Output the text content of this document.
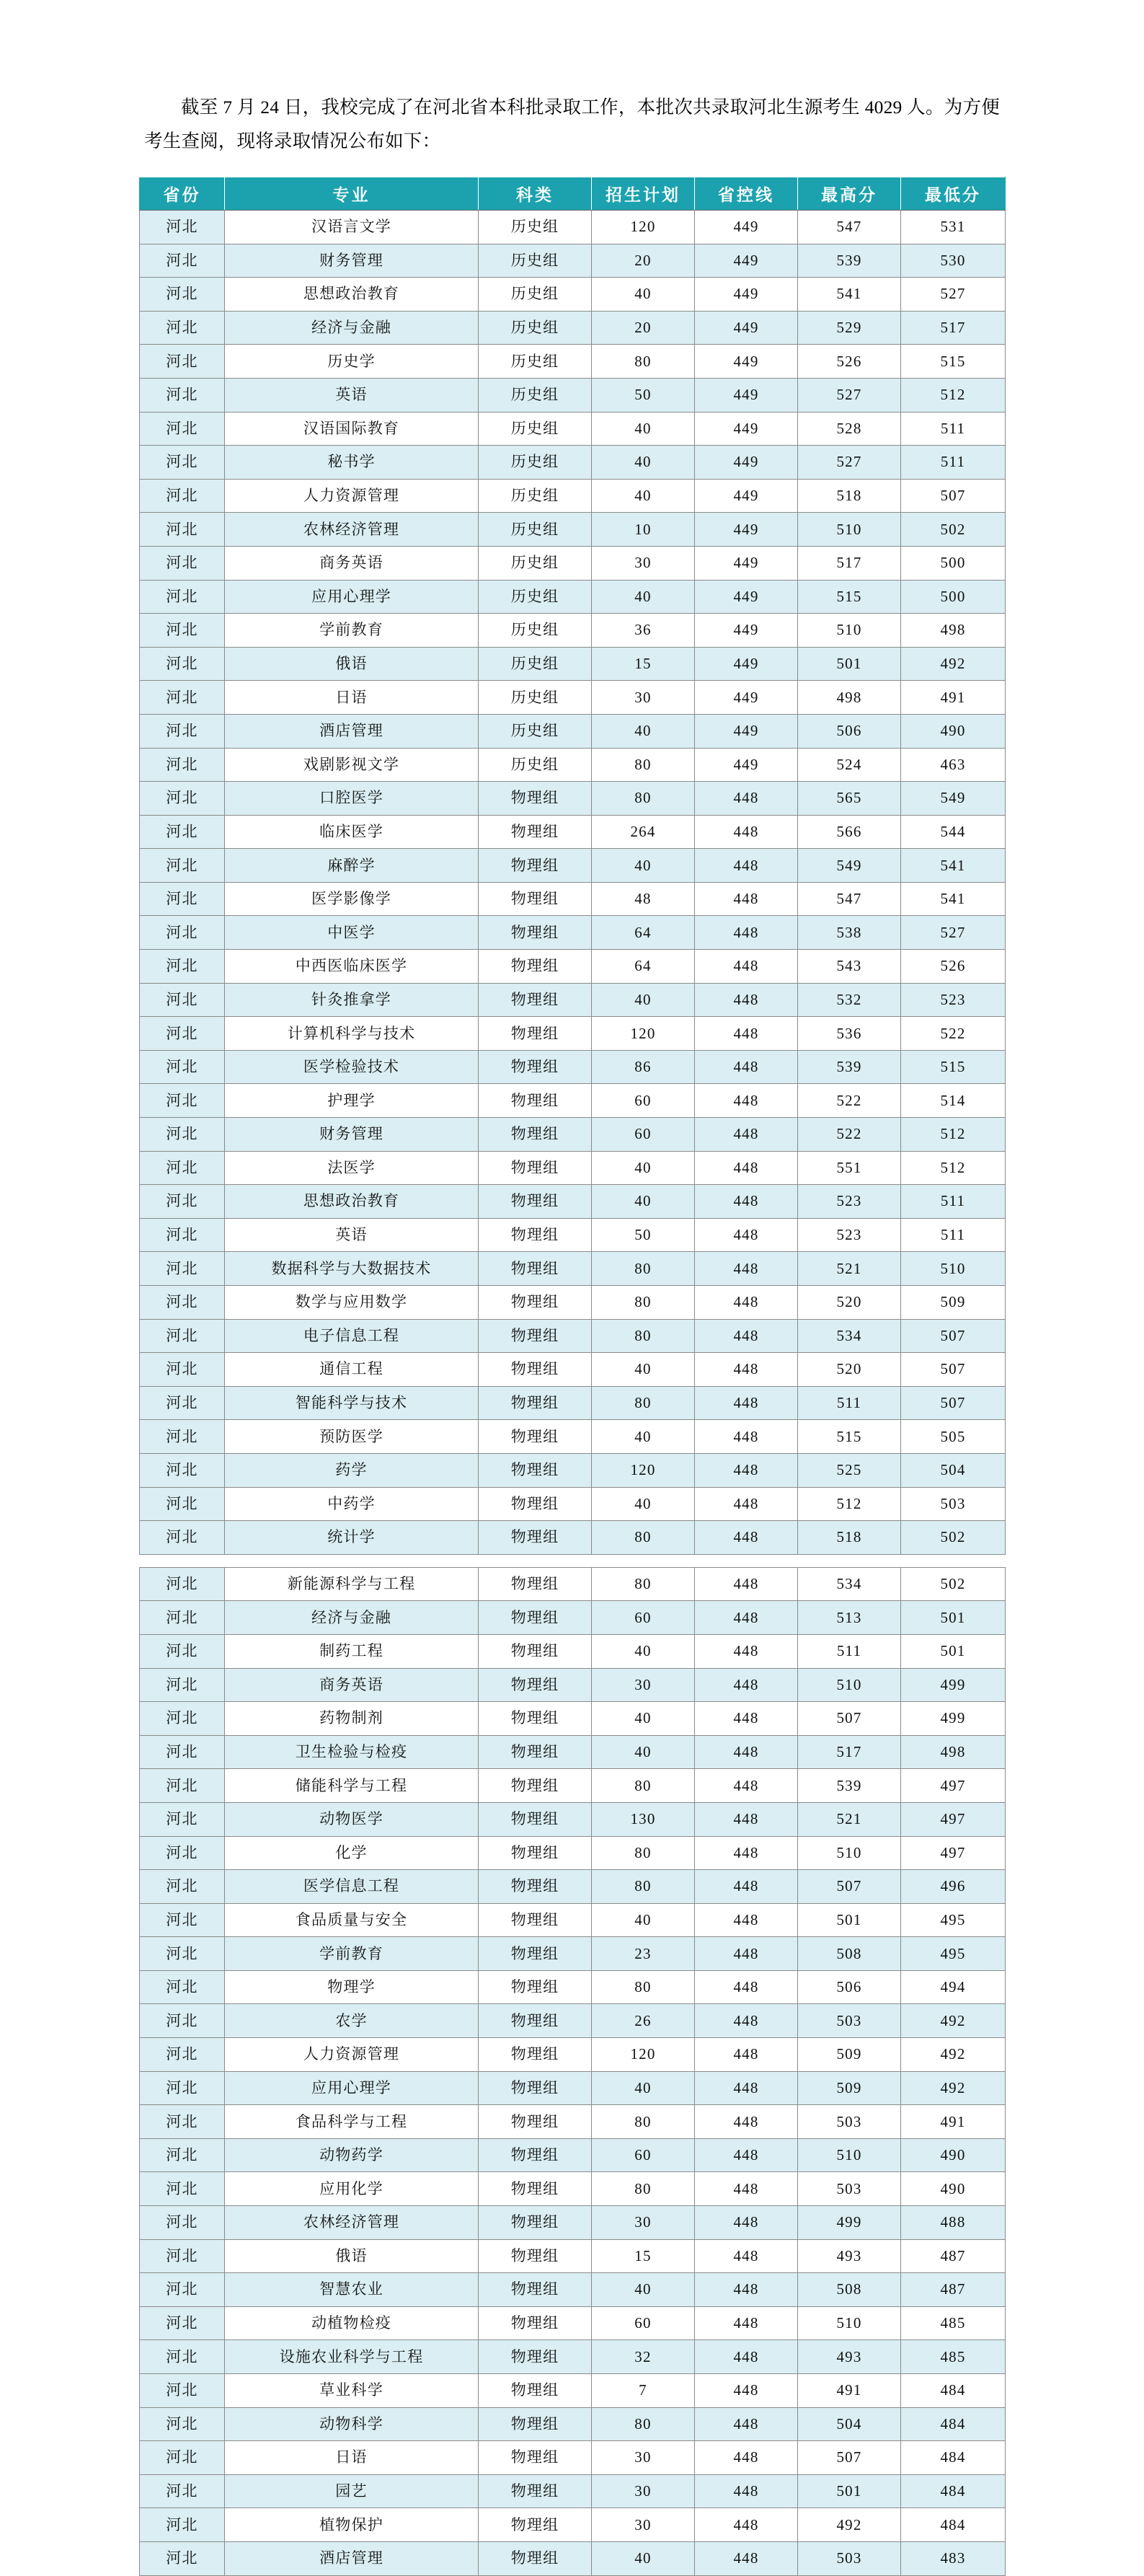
截至 7 月 24 日，我校完成了在河北省本科批录取工作，本批次共录取河北生源考生 4029 人。为方便考生查阅，现将录取情况公布如下：

省份	专业	科类	招生计划	省控线	最高分	最低分
河北	汉语言文学	历史组	120	449	547	531
河北	财务管理	历史组	20	449	539	530
河北	思想政治教育	历史组	40	449	541	527
河北	经济与金融	历史组	20	449	529	517
河北	历史学	历史组	80	449	526	515
河北	英语	历史组	50	449	527	512
河北	汉语国际教育	历史组	40	449	528	511
河北	秘书学	历史组	40	449	527	511
河北	人力资源管理	历史组	40	449	518	507
河北	农林经济管理	历史组	10	449	510	502
河北	商务英语	历史组	30	449	517	500
河北	应用心理学	历史组	40	449	515	500
河北	学前教育	历史组	36	449	510	498
河北	俄语	历史组	15	449	501	492
河北	日语	历史组	30	449	498	491
河北	酒店管理	历史组	40	449	506	490
河北	戏剧影视文学	历史组	80	449	524	463
河北	口腔医学	物理组	80	448	565	549
河北	临床医学	物理组	264	448	566	544
河北	麻醉学	物理组	40	448	549	541
河北	医学影像学	物理组	48	448	547	541
河北	中医学	物理组	64	448	538	527
河北	中西医临床医学	物理组	64	448	543	526
河北	针灸推拿学	物理组	40	448	532	523
河北	计算机科学与技术	物理组	120	448	536	522
河北	医学检验技术	物理组	86	448	539	515
河北	护理学	物理组	60	448	522	514
河北	财务管理	物理组	60	448	522	512
河北	法医学	物理组	40	448	551	512
河北	思想政治教育	物理组	40	448	523	511
河北	英语	物理组	50	448	523	511
河北	数据科学与大数据技术	物理组	80	448	521	510
河北	数学与应用数学	物理组	80	448	520	509
河北	电子信息工程	物理组	80	448	534	507
河北	通信工程	物理组	40	448	520	507
河北	智能科学与技术	物理组	80	448	511	507
河北	预防医学	物理组	40	448	515	505
河北	药学	物理组	120	448	525	504
河北	中药学	物理组	40	448	512	503
河北	统计学	物理组	80	448	518	502

河北	新能源科学与工程	物理组	80	448	534	502
河北	经济与金融	物理组	60	448	513	501
河北	制药工程	物理组	40	448	511	501
河北	商务英语	物理组	30	448	510	499
河北	药物制剂	物理组	40	448	507	499
河北	卫生检验与检疫	物理组	40	448	517	498
河北	储能科学与工程	物理组	80	448	539	497
河北	动物医学	物理组	130	448	521	497
河北	化学	物理组	80	448	510	497
河北	医学信息工程	物理组	80	448	507	496
河北	食品质量与安全	物理组	40	448	501	495
河北	学前教育	物理组	23	448	508	495
河北	物理学	物理组	80	448	506	494
河北	农学	物理组	26	448	503	492
河北	人力资源管理	物理组	120	448	509	492
河北	应用心理学	物理组	40	448	509	492
河北	食品科学与工程	物理组	80	448	503	491
河北	动物药学	物理组	60	448	510	490
河北	应用化学	物理组	80	448	503	490
河北	农林经济管理	物理组	30	448	499	488
河北	俄语	物理组	15	448	493	487
河北	智慧农业	物理组	40	448	508	487
河北	动植物检疫	物理组	60	448	510	485
河北	设施农业科学与工程	物理组	32	448	493	485
河北	草业科学	物理组	7	448	491	484
河北	动物科学	物理组	80	448	504	484
河北	日语	物理组	30	448	507	484
河北	园艺	物理组	30	448	501	484
河北	植物保护	物理组	30	448	492	484
河北	酒店管理	物理组	40	448	503	483
